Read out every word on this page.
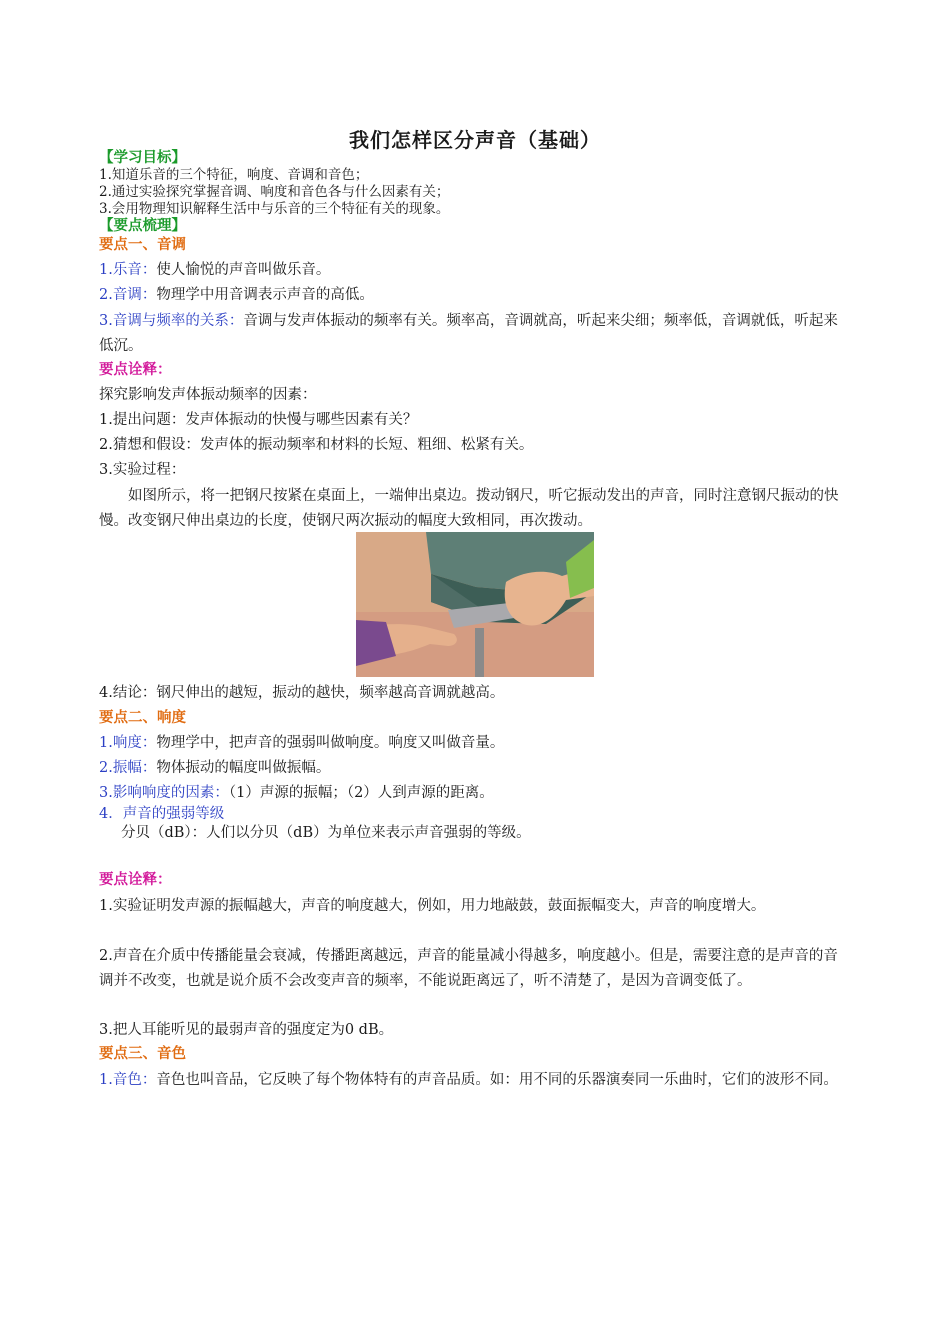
我们怎样区分声音（基础）
【学习目标】
1.知道乐音的三个特征，响度、音调和音色；
2.通过实验探究掌握音调、响度和音色各与什么因素有关；
3.会用物理知识解释生活中与乐音的三个特征有关的现象。
【要点梳理】
要点一、音调
1.乐音：使人愉悦的声音叫做乐音。
2.音调：物理学中用音调表示声音的高低。
3.音调与频率的关系：音调与发声体振动的频率有关。频率高，音调就高，听起来尖细；频率低，音调就低，听起来低沉。
要点诠释：
探究影响发声体振动频率的因素：
1.提出问题：发声体振动的快慢与哪些因素有关？
2.猜想和假设：发声体的振动频率和材料的长短、粗细、松紧有关。
3.实验过程：
如图所示，将一把钢尺按紧在桌面上，一端伸出桌边。拨动钢尺，听它振动发出的声音，同时注意钢尺振动的快慢。改变钢尺伸出桌边的长度，使钢尺两次振动的幅度大致相同，再次拨动。
4.结论：钢尺伸出的越短，振动的越快，频率越高音调就越高。
要点二、响度
1.响度：物理学中，把声音的强弱叫做响度。响度又叫做音量。
2.振幅：物体振动的幅度叫做振幅。
3.影响响度的因素：（1）声源的振幅；（2）人到声源的距离。
4．声音的强弱等级
分贝（dB）：人们以分贝（dB）为单位来表示声音强弱的等级。
要点诠释：
1.实验证明发声源的振幅越大，声音的响度越大，例如，用力地敲鼓，鼓面振幅变大，声音的响度增大。
2.声音在介质中传播能量会衰减，传播距离越远，声音的能量减小得越多，响度越小。但是，需要注意的是声音的音调并不改变，也就是说介质不会改变声音的频率，不能说距离远了，听不清楚了，是因为音调变低了。
3.把人耳能听见的最弱声音的强度定为0 dB。
要点三、音色
1.音色：音色也叫音品，它反映了每个物体特有的声音品质。如：用不同的乐器演奏同一乐曲时，它们的波形不同。
